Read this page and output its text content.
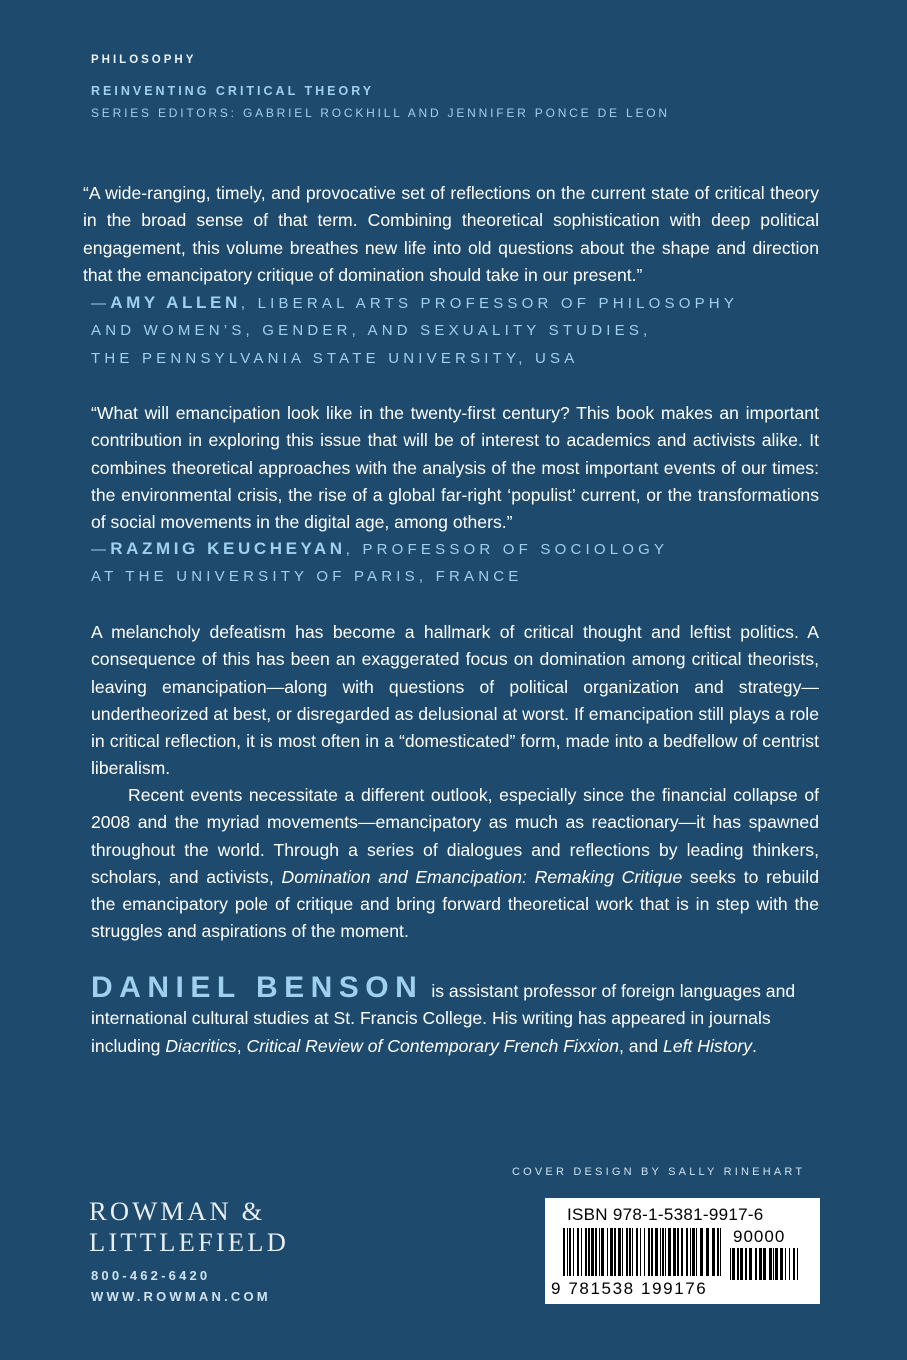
PHILOSOPHY
REINVENTING CRITICAL THEORY
SERIES EDITORS: GABRIEL ROCKHILL AND JENNIFER PONCE DE LEON
“A wide-ranging, timely, and provocative set of reflections on the current state of critical theory in the broad sense of that term. Combining theoretical sophistication with deep political engagement, this volume breathes new life into old questions about the shape and direction that the emancipatory critique of domination should take in our present.”
—AMY ALLEN, LIBERAL ARTS PROFESSOR OF PHILOSOPHY
AND WOMEN’S, GENDER, AND SEXUALITY STUDIES,
THE PENNSYLVANIA STATE UNIVERSITY, USA
“What will emancipation look like in the twenty-first century? This book makes an important contribution in exploring this issue that will be of interest to academics and activists alike. It combines theoretical approaches with the analysis of the most important events of our times: the environmental crisis, the rise of a global far-right ‘populist’ current, or the transformations of social movements in the digital age, among others.”
—RAZMIG KEUCHEYAN, PROFESSOR OF SOCIOLOGY
AT THE UNIVERSITY OF PARIS, FRANCE
A melancholy defeatism has become a hallmark of critical thought and leftist politics. A consequence of this has been an exaggerated focus on domination among critical theorists, leaving emancipation—along with questions of political organization and strategy—undertheorized at best, or disregarded as delusional at worst. If emancipation still plays a role in critical reflection, it is most often in a “domesticated” form, made into a bedfellow of centrist liberalism.
Recent events necessitate a different outlook, especially since the financial collapse of 2008 and the myriad movements—emancipatory as much as reactionary—it has spawned throughout the world. Through a series of dialogues and reflections by leading thinkers, scholars, and activists, Domination and Emancipation: Remaking Critique seeks to rebuild the emancipatory pole of critique and bring forward theoretical work that is in step with the struggles and aspirations of the moment.
DANIEL BENSON is assistant professor of foreign languages and international cultural studies at St. Francis College. His writing has appeared in journals including Diacritics, Critical Review of Contemporary French Fixxion, and Left History.
COVER DESIGN BY SALLY RINEHART
ROWMAN &
LITTLEFIELD
800-462-6420
WWW.ROWMAN.COM
ISBN 978-1-5381-9917-6
90000
9 781538 199176
